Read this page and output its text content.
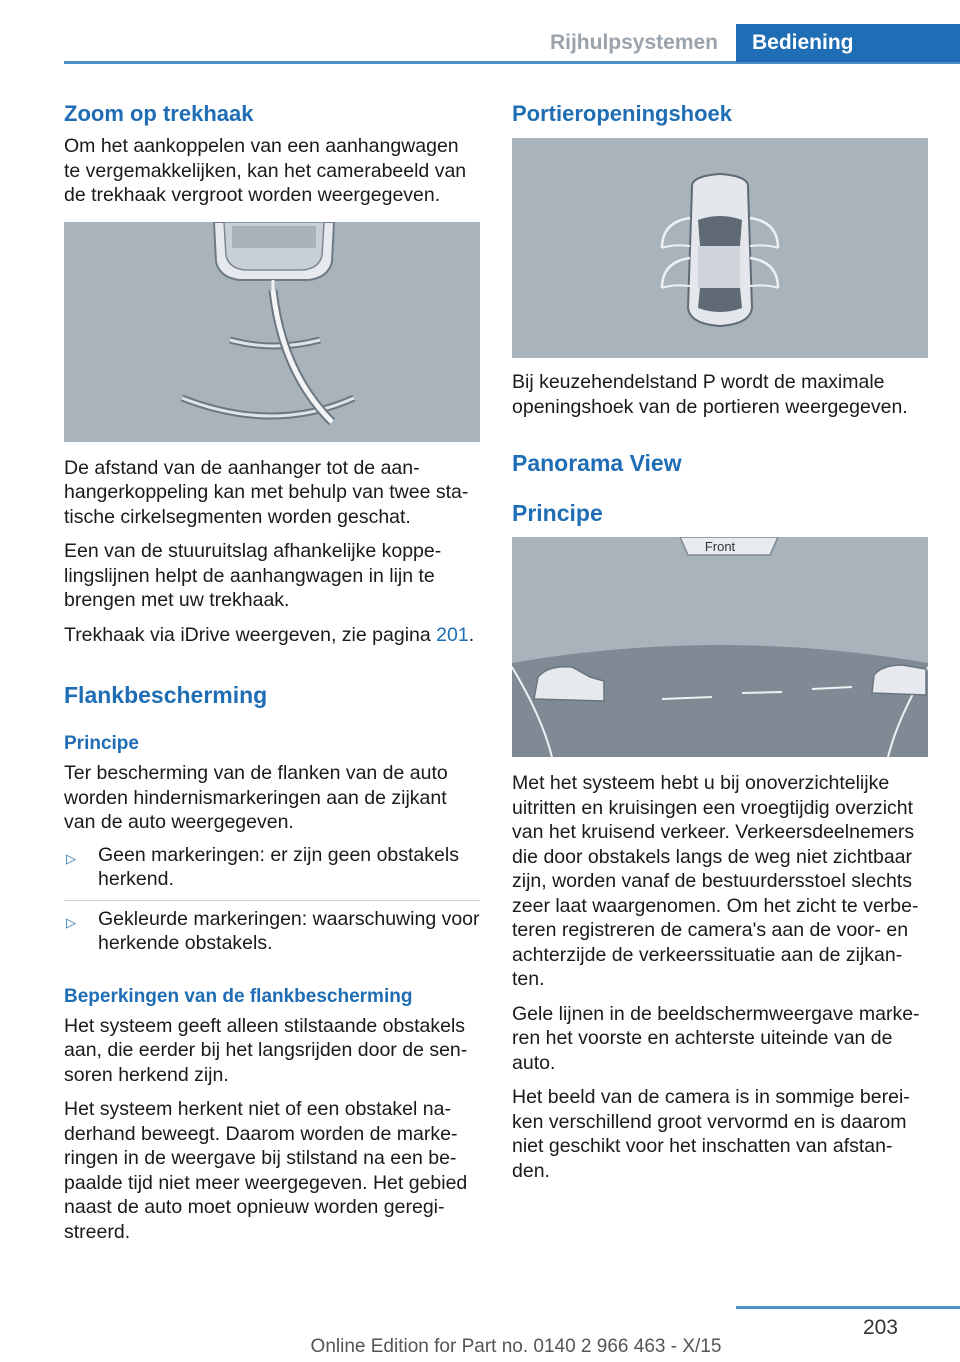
Rijhulpsystemen	Bediening
Zoom op trekhaak

Om het aankoppelen van een aanhangwagen te vergemakkelijken, kan het camerabeeld van de trekhaak vergroot worden weergegeven.

De afstand van de aanhanger tot de aan-hangerkoppeling kan met behulp van twee sta-tische cirkelsegmenten worden geschat.

Een van de stuuruitslag afhankelijke koppe-lingslijnen helpt de aanhangwagen in lijn te brengen met uw trekhaak.

Trekhaak via iDrive weergeven, zie pagina 201.

Flankbescherming
Principe

Ter bescherming van de flanken van de auto worden hindernismarkeringen aan de zijkant van de auto weergegeven.

▷ Geen markeringen: er zijn geen obstakels herkend.
▷ Gekleurde markeringen: waarschuwing voor herkende obstakels.
Beperkingen van de flankbescherming

Het systeem geeft alleen stilstaande obstakels aan, die eerder bij het langsrijden door de sen-soren herkend zijn.

Het systeem herkent niet of een obstakel na-derhand beweegt. Daarom worden de marke-ringen in de weergave bij stilstand na een be-paalde tijd niet meer weergegeven. Het gebied naast de auto moet opnieuw worden geregi-streerd.

Portieropeningshoek

Bij keuzehendelstand P wordt de maximale openingshoek van de portieren weergegeven.

Panorama View
Principe
Front

Met het systeem hebt u bij onoverzichtelijke uitritten en kruisingen een vroegtijdig overzicht van het kruisend verkeer. Verkeersdeelnemers die door obstakels langs de weg niet zichtbaar zijn, worden vanaf de bestuurdersstoel slechts zeer laat waargenomen. Om het zicht te verbe-teren registreren de camera's aan de voor- en achterzijde de verkeerssituatie aan de zijkan-ten.

Gele lijnen in de beeldschermweergave marke-ren het voorste en achterste uiteinde van de auto.

Het beeld van de camera is in sommige berei-ken verschillend groot vervormd en is daarom niet geschikt voor het inschatten van afstan-den.

203
Online Edition for Part no. 0140 2 966 463 - X/15
